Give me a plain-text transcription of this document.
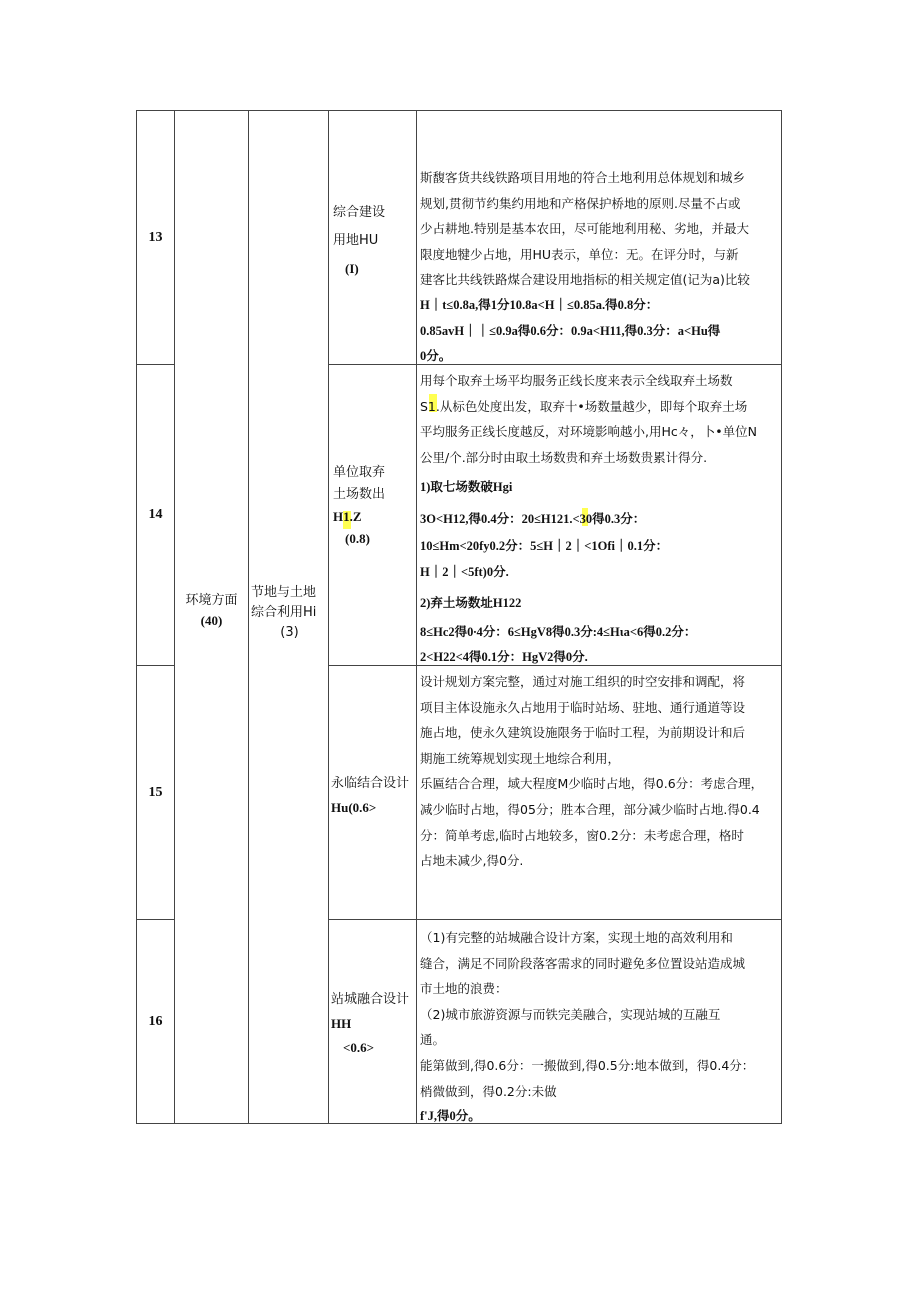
13
环境方面
(40)
节地与土地
综合利用Hi
(3)
综合建设
用地HU
(I)
斯馥客货共线铁路项目用地的符合土地利用总体规划和城乡
规划,贯彻节约集约用地和产格保护桥地的原则.尽量不占或
少占耕地.特别是基本农田，尽可能地利用秘、劣地，并最大
限度地犍少占地，用HU表示，单位：无。在评分时，与新
建客比共线铁路煤合建设用地指标的相关规定值(记为a)比较
H｜t≤0.8a,得1分10.8a<H｜≤0.85a.得0.8分：
0.85avH｜｜≤0.9a得0.6分：0.9a<H11,得0.3分：a<Hu得
0分。
14
单位取弃
土场数出
H1.Z
(0.8)
用每个取弃土场平均服务正线长度来表示全线取弃土场数
S1.从标色处度出发，取弃十•场数量越少，即每个取弃土场
平均服务正线长度越反，对环境影响越小,用Hc々，卜•单位N
公里/个.部分时由取土场数贵和弃土场数贵累计得分.
1)取七场数破Hgi
3O<H12,得0.4分：20≤H121.<30得0.3分：
10≤Hm<20fy0.2分：5≤H｜2｜<1Ofi｜0.1分：
H｜2｜<5ft)0分.
2)弃土场数址H122
8≤Hc2得0∙4分：6≤HgV8得0.3分:4≤Hιa<6得0.2分：
2<H22<4得0.1分：HgV2得0分.
15
永临结合设计
Hu(0.6>
设计规划方案完整，通过对施工组织的时空安排和调配，将
项目主体设施永久占地用于临时站场、驻地、通行通道等设
施占地，使永久建筑设施限务于临时工程，为前期设计和后
期施工统筹规划实现土地综合利用，
乐匾结合合理，域大程度M少临时占地，得0.6分：考虑合理，
减少临时占地，得05分；胜本合理，部分减少临时占地.得0.4
分：简单考虑,临时占地较多，窗0.2分：未考虑合理，格时
占地未减少,得0分.
16
站城融合设计
HH
<0.6>
（1)有完整的站城融合设计方案，实现土地的高效利用和
缝合，满足不同阶段落客需求的同时避免多位置设站造成城
市土地的浪费：
（2)城市旅游资源与而铁完美融合，实现站城的互融互
通。
能第做到,得0.6分：一搬做到,得0.5分:地本做到，得0.4分：
梢微做到，得0.2分:未做
f'J,得0分。
